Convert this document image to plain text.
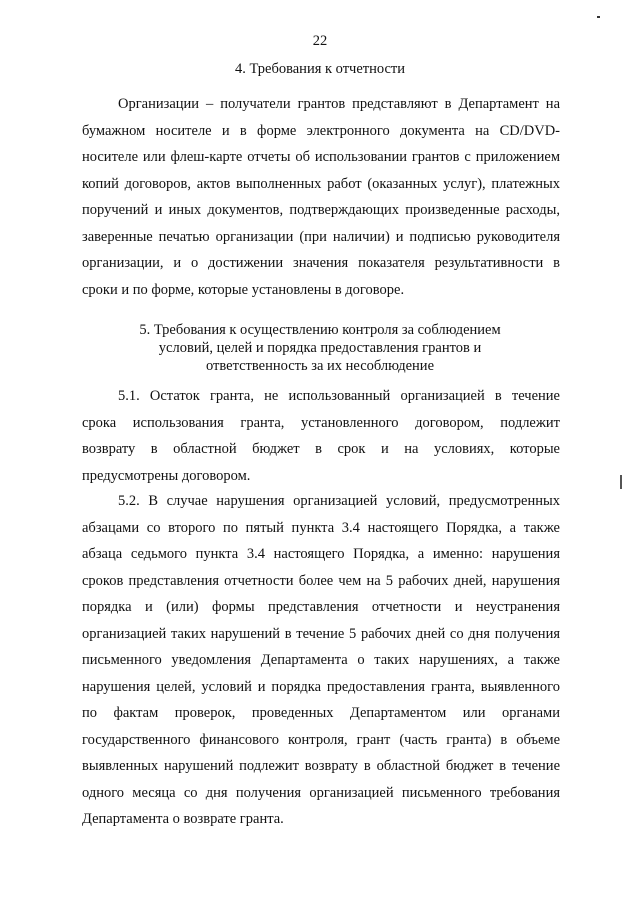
22
4. Требования к отчетности
Организации – получатели грантов представляют в Департамент на
бумажном носителе и в форме электронного документа на CD/DVD-
носителе или флеш-карте отчеты об использовании грантов с приложением
копий договоров, актов выполненных работ (оказанных услуг), платежных
поручений и иных документов, подтверждающих произведенные расходы,
заверенные печатью организации (при наличии) и подписью руководителя
организации, и о достижении значения показателя результативности в
сроки и по форме, которые установлены в договоре.
5. Требования к осуществлению контроля за соблюдением
условий, целей и порядка предоставления грантов и
ответственность за их несоблюдение
5.1. Остаток гранта, не использованный организацией в течение
срока использования гранта, установленного договором, подлежит
возврату в областной бюджет в срок и на условиях, которые
предусмотрены договором.
5.2. В случае нарушения организацией условий, предусмотренных
абзацами со второго по пятый пункта 3.4 настоящего Порядка, а также
абзаца седьмого пункта 3.4 настоящего Порядка, а именно: нарушения
сроков представления отчетности более чем на 5 рабочих дней, нарушения
порядка и (или) формы представления отчетности и неустранения
организацией таких нарушений в течение 5 рабочих дней со дня получения
письменного уведомления Департамента о таких нарушениях, а также
нарушения целей, условий и порядка предоставления гранта, выявленного
по фактам проверок, проведенных Департаментом или органами
государственного финансового контроля, грант (часть гранта) в объеме
выявленных нарушений подлежит возврату в областной бюджет в течение
одного месяца со дня получения организацией письменного требования
Департамента о возврате гранта.
